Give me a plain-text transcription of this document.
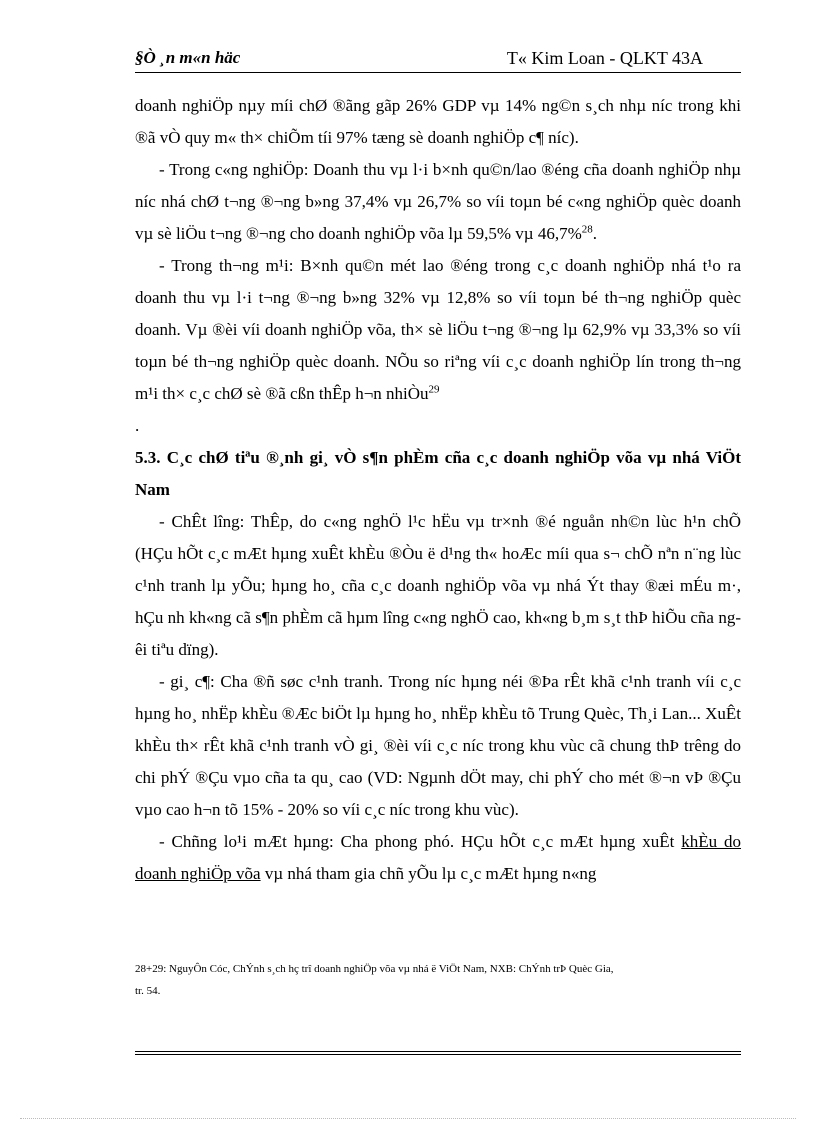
§Ò ¸n m«n häc	T« Kim Loan - QLKT 43A

doanh nghiÖp nµy míi chØ ®ãng gãp 26% GDP vµ 14% ng©n s¸ch nhµ níc trong khi ®ã vÒ quy m« th× chiÕm tíi 97% tæng sè doanh nghiÖp c¶ níc).

- Trong c«ng nghiÖp: Doanh thu vµ l·i b×nh qu©n/lao ®éng cña doanh nghiÖp nhµ níc nhá chØ t¬ng ®¬ng b»ng 37,4% vµ 26,7% so víi toµn bé c«ng nghiÖp quèc doanh vµ sè liÖu t¬ng ®¬ng cho doanh nghiÖp võa lµ 59,5% vµ 46,7%$^{28}$.

- Trong th¬ng m¹i: B×nh qu©n mét lao ®éng trong c¸c doanh nghiÖp nhá t¹o ra doanh thu vµ l·i t¬ng ®¬ng b»ng 32% vµ 12,8% so víi toµn bé th¬ng nghiÖp quèc doanh. Vµ ®èi víi doanh nghiÖp võa, th× sè liÖu t¬ng ®¬ng lµ 62,9% vµ 33,3% so víi toµn bé th¬ng nghiÖp quèc doanh. NÕu so riªng víi c¸c doanh nghiÖp lín trong th¬ng m¹i th× c¸c chØ sè ®ã cßn thÊp h¬n nhiÒu$^{29}$
.

5.3. C¸c chØ tiªu ®¸nh gi¸ vÒ s¶n phÈm cña c¸c doanh nghiÖp võa vµ nhá ViÖt Nam

- ChÊt lîng: ThÊp, do c«ng nghÖ l¹c hËu vµ tr×nh ®é nguån nh©n lùc h¹n chÕ (HÇu hÕt c¸c mÆt hµng xuÊt khÈu ®Òu ë d¹ng th« hoÆc míi qua s¬ chÕ nªn n¨ng lùc c¹nh tranh lµ yÕu; hµng ho¸ cña c¸c doanh nghiÖp võa vµ nhá Ýt thay ®æi mÉu m·, hÇu nh kh«ng cã s¶n phÈm cã hµm lîng c«ng nghÖ cao, kh«ng b¸m s¸t thÞ hiÕu cña ngêi tiªu dïng).

- gi¸ c¶: Cha ®ñ søc c¹nh tranh. Trong níc hµng néi ®Þa rÊt khã c¹nh tranh víi c¸c hµng ho¸ nhËp khÈu ®Æc biÖt lµ hµng ho¸ nhËp khÈu tõ Trung Quèc, Th¸i Lan... XuÊt khÈu th× rÊt khã c¹nh tranh vÒ gi¸ ®èi víi c¸c níc trong khu vùc cã chung thÞ trêng do chi phÝ ®Çu vµo cña ta qu¸ cao (VD: Ngµnh dÖt may, chi phÝ cho mét ®¬n vÞ ®Çu vµo cao h¬n tõ 15% - 20% so víi c¸c níc trong khu vùc).

- Chñng lo¹i mÆt hµng: Cha phong phó. HÇu hÕt c¸c mÆt hµng xuÊt khÈu do doanh nghiÖp võa vµ nhá tham gia chñ yÕu lµ c¸c mÆt hµng n«ng

28+29: NguyÔn Cóc, ChÝnh s¸ch hç trî doanh nghiÖp võa vµ nhá ë ViÖt Nam, NXB: ChÝnh trÞ Quèc Gia,
tr. 54.
